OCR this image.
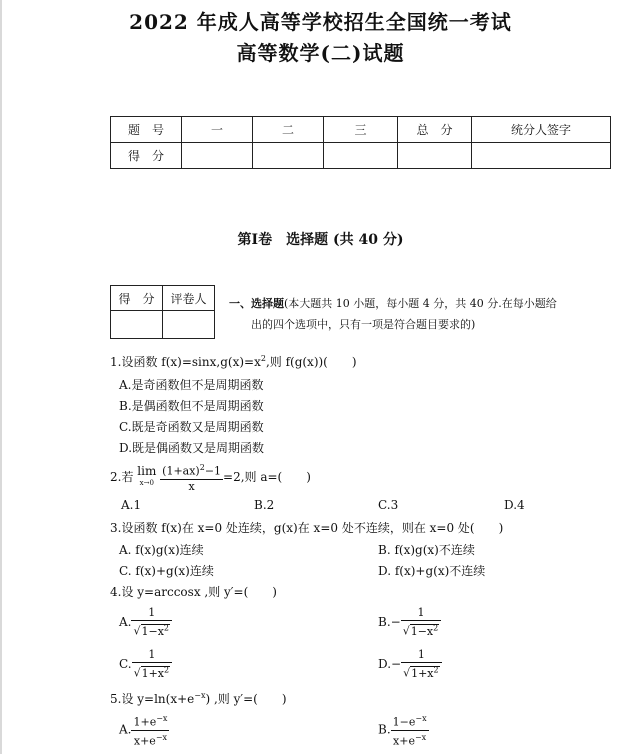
2022 年成人高等学校招生全国统一考试
高等数学(二)试题
题　号	一	二	三	总　分	统分人签字
得　分					
第Ⅰ卷　选择题 (共 40 分)
得　分	评卷人
	一、选择题(本大题共 10 小题，每小题 4 分，共 40 分.在每小题给
出的四个选项中，只有一项是符合题目要求的)
1.设函数 $f(x)=\sin x,g(x)=x^2$,则 f(g(x))(　　)
A.是奇函数但不是周期函数
B.是偶函数但不是周期函数
C.既是奇函数又是周期函数
D.既是偶函数又是周期函数
2.若 lim
x→0
$\frac{(1+ax)^2-1}{x} =2$,则 a=(　　)
A.1	B.2	C.3	D.4
3.设函数 f(x)在 x=0 处连续，g(x)在 x=0 处不连续，则在 x=0 处(　　)
A. f(x)g(x)连续	B. f(x)g(x)不连续
C. f(x)+g(x)连续	D. f(x)+g(x)不连续
4.设 y=arccosx ,则 y′=(　　)
A. $\frac{1}{√1-x^2}$	$B.- \frac{1}{√1-x^2}$
C. $\frac{1}{√1+x^2}$	$D.- \frac{1}{√1+x^2}$
5.设 $y=\ln(x+e^{-x})$ ,则 y′=(　　)
A. $\frac{1+e^{-x}}{x+e^{-x}}$	B. $\frac{1-e^{-x}}{x+e^{-x}}$
